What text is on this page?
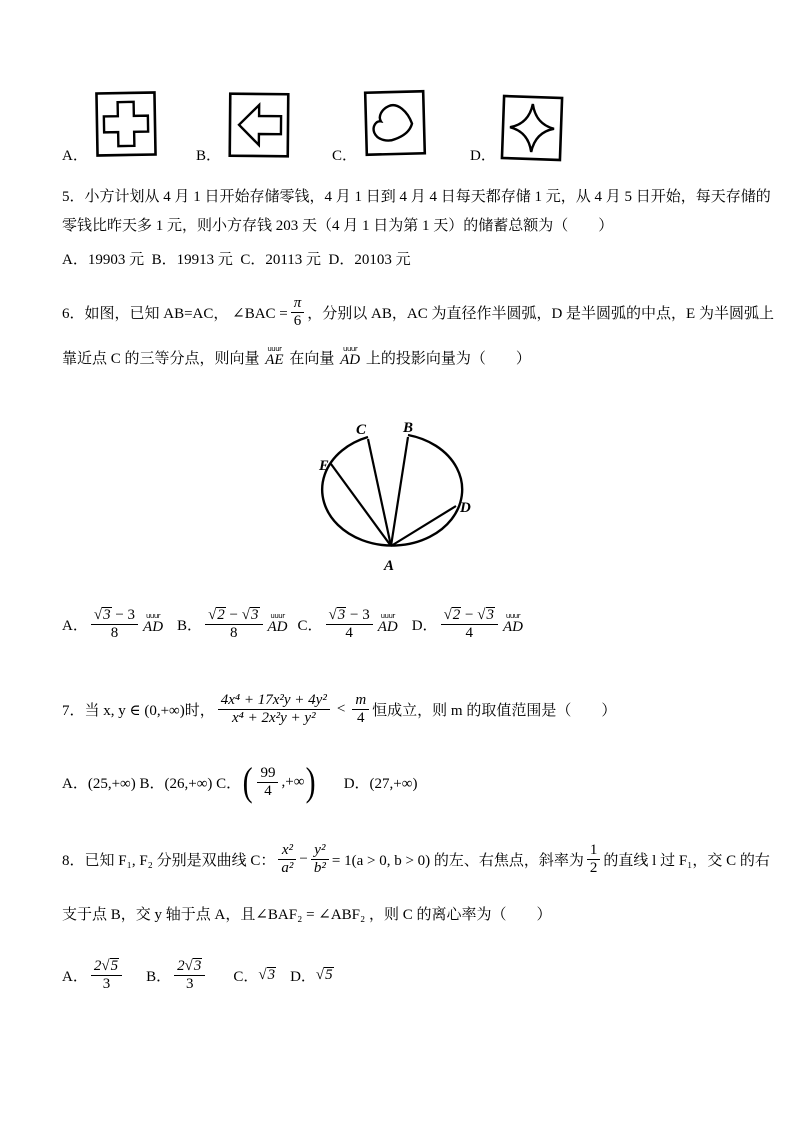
A．	B．	C．	D．
5．小方计划从 4 月 1 日开始存储零钱，4 月 1 日到 4 月 4 日每天都存储 1 元，从 4 月 5 日开始，每天存储的
零钱比昨天多 1 元，则小方存钱 203 天（4 月 1 日为第 1 天）的储蓄总额为（　　）
A．19903 元  B．19913 元  C．20113 元  D．20103 元
6．如图，已知 AB=AC， ∠BAC = $\frac{\pi}{6}$ ，分别以 AB，AC 为直径作半圆弧，D 是半圆弧的中点，E 为半圆弧上
靠近点 C 的三等分点，则向量
uuur
AE 在向量
uuur
AD 上的投影向量为（　　）
C B
E
D
A
A． $\frac{√ 3 - 3}{8}$ uuur
AD B． $\frac{√ 2 - √ 3}{8}$ uuur
AD C． $\frac{√ 3 - 3}{4}$ uuur
AD D． $\frac{√ 2 - √ 3}{4}$ uuur
AD
7．当 x, y ∈ (0,+∞)时， $\frac{\text{4x⁴ + 17x²y + 4y²}}{\text{x⁴ + 2x²y + y²}} < \frac{m}{4}$ 恒成立，则 m 的取值范围是（　　）
A．(25,+∞) B．(26,+∞) C． ( $\frac{99}{4}$ ,+∞ ) D．(27,+∞)
8．已知 F₁, F₂ 分别是双曲线 C： $\frac{\text{x²}}{\text{a²}} - \frac{\text{y²}}{\text{b²}} = 1(a > 0$, b > 0) 的左、右焦点，斜率为 $\frac{1}{2}$ 的直线 l 过 F₁，交 C 的右
支于点 B，交 y 轴于点 A，且∠BAF₂ = ∠ABF₂ ，则 C 的离心率为（　　）
A． $\frac{2 √ 5}{3}$ B． $\frac{2 √ 3}{3}$ C． √ 3 D． √ 5
